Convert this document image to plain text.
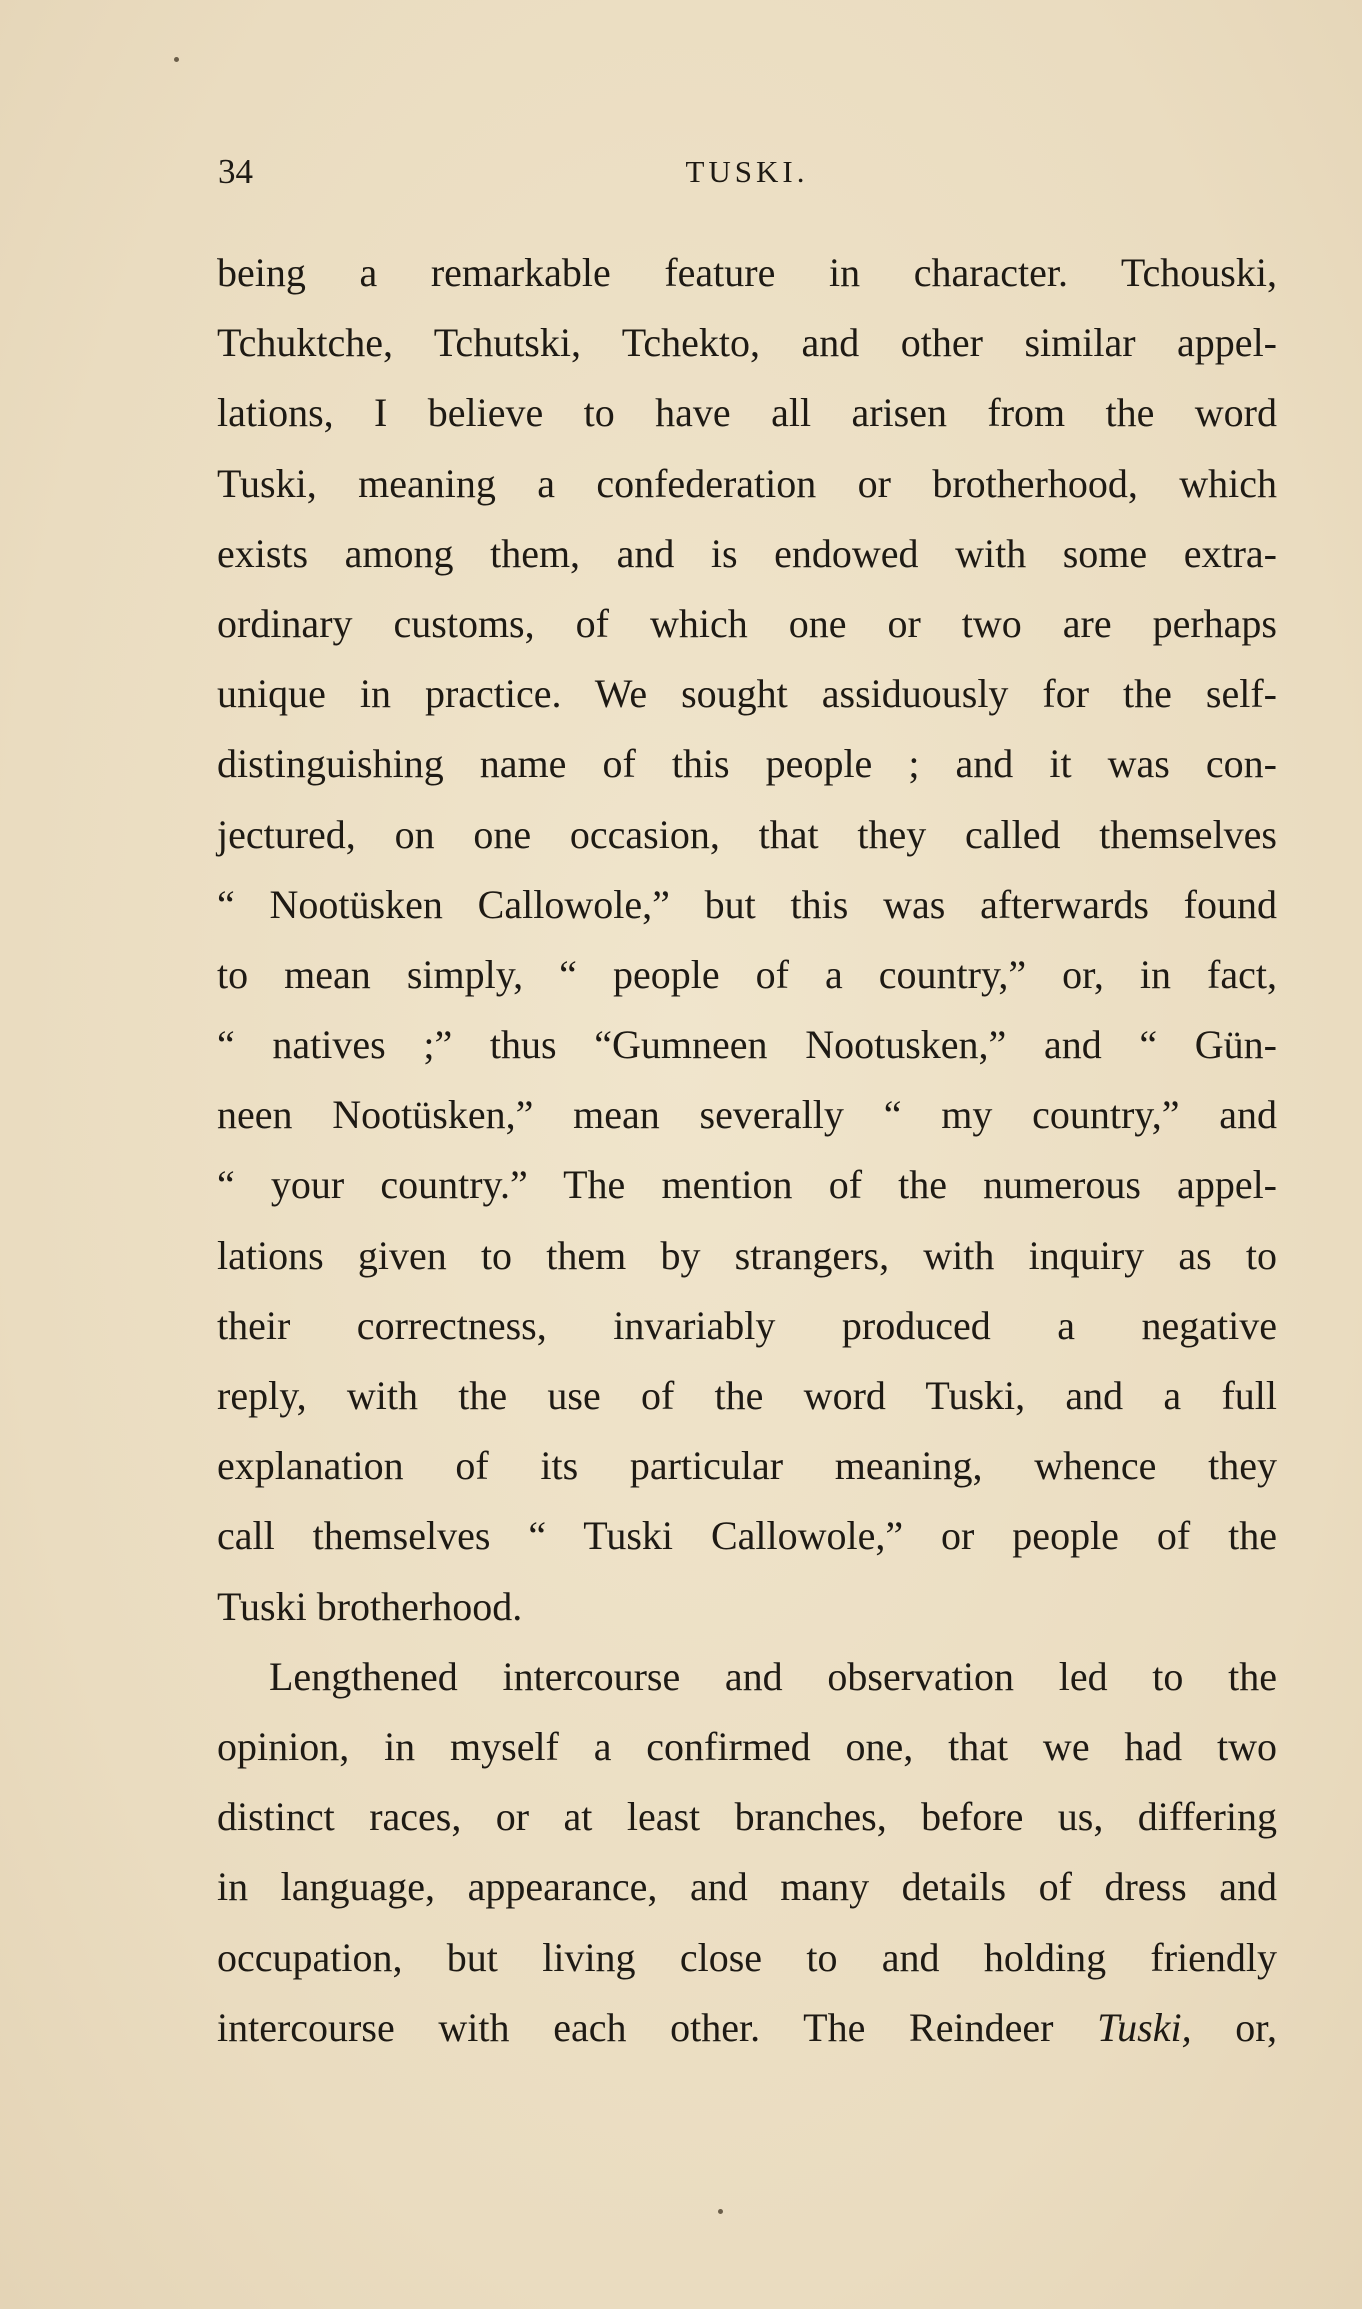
34	TUSKI.
being a remarkable feature in character. Tchouski,
Tchuktche, Tchutski, Tchekto, and other similar appel-
lations, I believe to have all arisen from the word
Tuski, meaning a confederation or brotherhood, which
exists among them, and is endowed with some extra-
ordinary customs, of which one or two are perhaps
unique in practice. We sought assiduously for the self-
distinguishing name of this people ; and it was con-
jectured, on one occasion, that they called themselves
“ Nootüsken Callowole,” but this was afterwards found
to mean simply, “ people of a country,” or, in fact,
“ natives ;” thus “Gumneen Nootusken,” and “ Gün-
neen Nootüsken,” mean severally “ my country,” and
“ your country.” The mention of the numerous appel-
lations given to them by strangers, with inquiry as to
their correctness, invariably produced a negative
reply, with the use of the word Tuski, and a full
explanation of its particular meaning, whence they
call themselves “ Tuski Callowole,” or people of the
Tuski brotherhood.
Lengthened intercourse and observation led to the
opinion, in myself a confirmed one, that we had two
distinct races, or at least branches, before us, differing
in language, appearance, and many details of dress and
occupation, but living close to and holding friendly
intercourse with each other. The Reindeer Tuski, or,
